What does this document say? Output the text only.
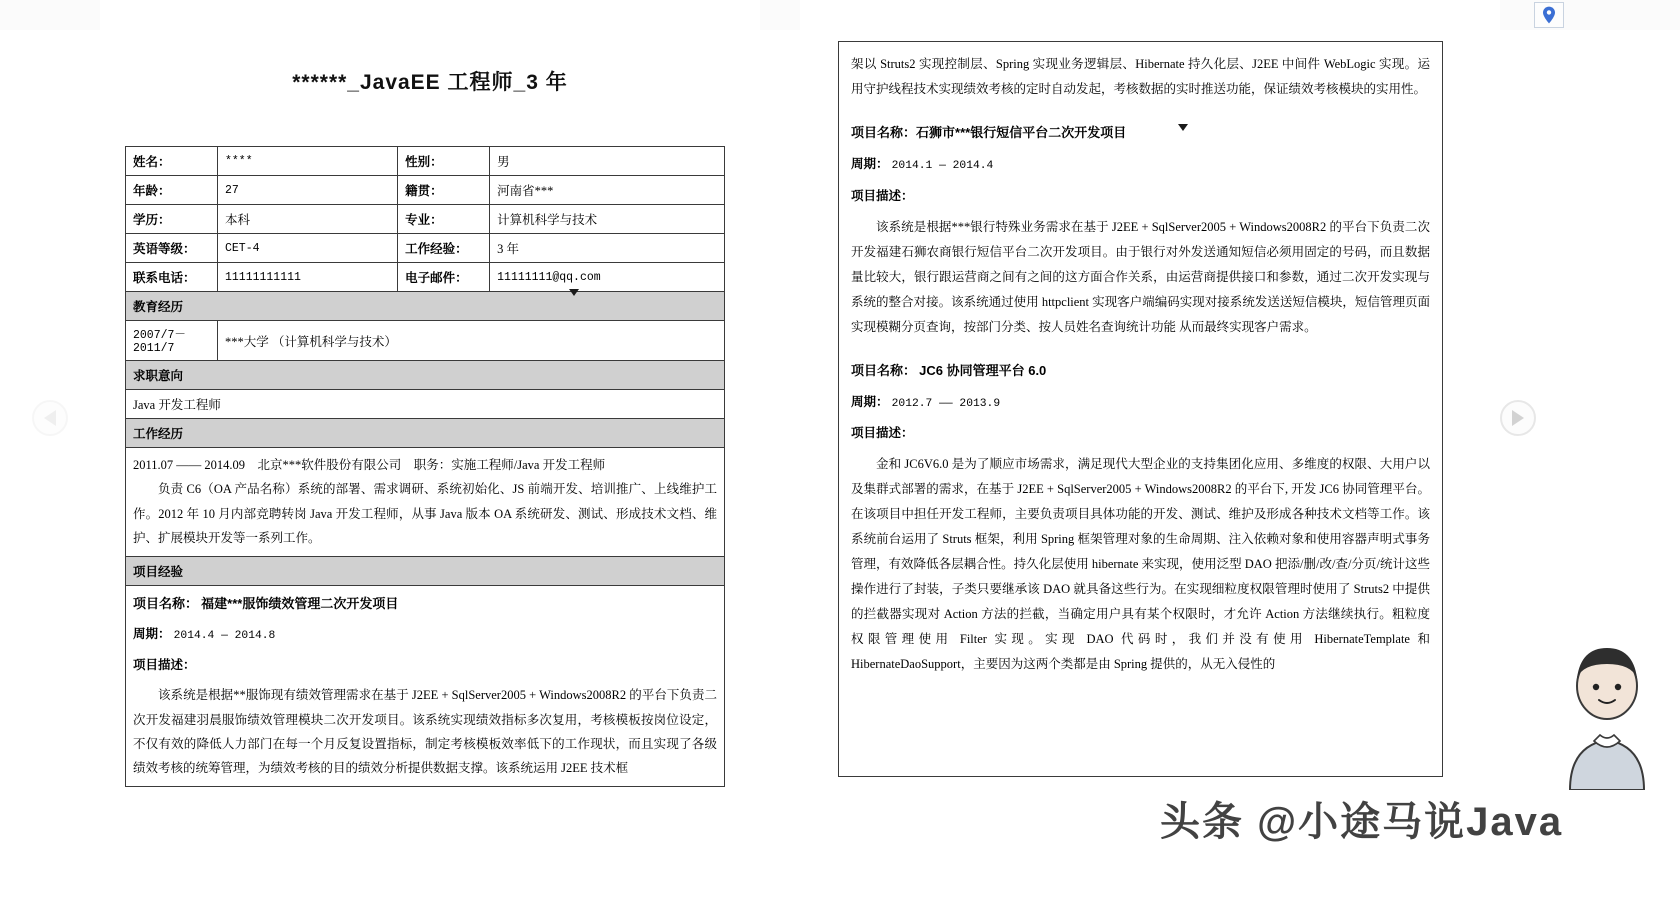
******_JavaEE 工程师_3 年
姓名：	****	性别：	男
年龄：	27	籍贯：	河南省***
学历：	本科	专业：	计算机科学与技术
英语等级：	CET-4	工作经验：	3 年
联系电话：	11111111111	电子邮件：	11111111@qq.com
教育经历			
2007/7－2011/7	***大学 （计算机科学与技术）		
求职意向			
Java 开发工程师			
工作经历			

2011.07 —— 2014.09　北京***软件股份有限公司　职务：实施工程师/Java 开发工程师
负责 C6（OA 产品名称）系统的部署、需求调研、系统初始化、JS 前端开发、培训推广、上线维护工作。2012 年 10 月内部竞聘转岗 Java 开发工程师，从事 Java 版本 OA 系统研发、测试、形成技术文档、维护、扩展模块开发等一系列工作。			

项目经验			

项目名称： 福建***服饰绩效管理二次开发项目
周期： 2014.4 — 2014.8
项目描述：
该系统是根据**服饰现有绩效管理需求在基于 J2EE + SqlServer2005 + Windows2008R2 的平台下负责二次开发福建羽晨服饰绩效管理模块二次开发项目。该系统实现绩效指标多次复用，考核模板按岗位设定，不仅有效的降低人力部门在每一个月反复设置指标，制定考核模板效率低下的工作现状，而且实现了各级绩效考核的统筹管理，为绩效考核的目的绩效分析提供数据支撑。该系统运用 J2EE 技术框			
架以 Struts2 实现控制层、Spring 实现业务逻辑层、Hibernate 持久化层、J2EE 中间件 WebLogic 实现。运用守护线程技术实现绩效考核的定时自动发起，考核数据的实时推送功能，保证绩效考核模块的实用性。
项目名称：石狮市***银行短信平台二次开发项目
周期： 2014.1 ― 2014.4
项目描述：
该系统是根据***银行特殊业务需求在基于 J2EE + SqlServer2005 + Windows2008R2 的平台下负责二次开发福建石狮农商银行短信平台二次开发项目。由于银行对外发送通知短信必须用固定的号码，而且数据量比较大，银行跟运营商之间有之间的这方面合作关系，由运营商提供接口和参数，通过二次开发实现与系统的整合对接。该系统通过使用 httpclient 实现客户端编码实现对接系统发送送短信模块，短信管理页面实现模糊分页查询，按部门分类、按人员姓名查询统计功能 从而最终实现客户需求。
项目名称： JC6 协同管理平台 6.0
周期： 2012.7 ―― 2013.9
项目描述：
金和 JC6V6.0 是为了顺应市场需求，满足现代大型企业的支持集团化应用、多维度的权限、大用户以及集群式部署的需求，在基于 J2EE + SqlServer2005 + Windows2008R2 的平台下, 开发 JC6 协同管理平台。在该项目中担任开发工程师，主要负责项目具体功能的开发、测试、维护及形成各种技术文档等工作。该系统前台运用了 Struts 框架，利用 Spring 框架管理对象的生命周期、注入依赖对象和使用容器声明式事务管理，有效降低各层耦合性。持久化层使用 hibernate 来实现，使用泛型 DAO 把添/删/改/查/分页/统计这些操作进行了封装，子类只要继承该 DAO 就具备这些行为。在实现细粒度权限管理时使用了 Struts2 中提供的拦截器实现对 Action 方法的拦截，当确定用户具有某个权限时，才允许 Action 方法继续执行。粗粒度权限管理使用 Filter 实现。实现 DAO 代码时，我们并没有使用 HibernateTemplate 和 HibernateDaoSupport，主要因为这两个类都是由 Spring 提供的，从无入侵性的
头条 @小途马说Java
